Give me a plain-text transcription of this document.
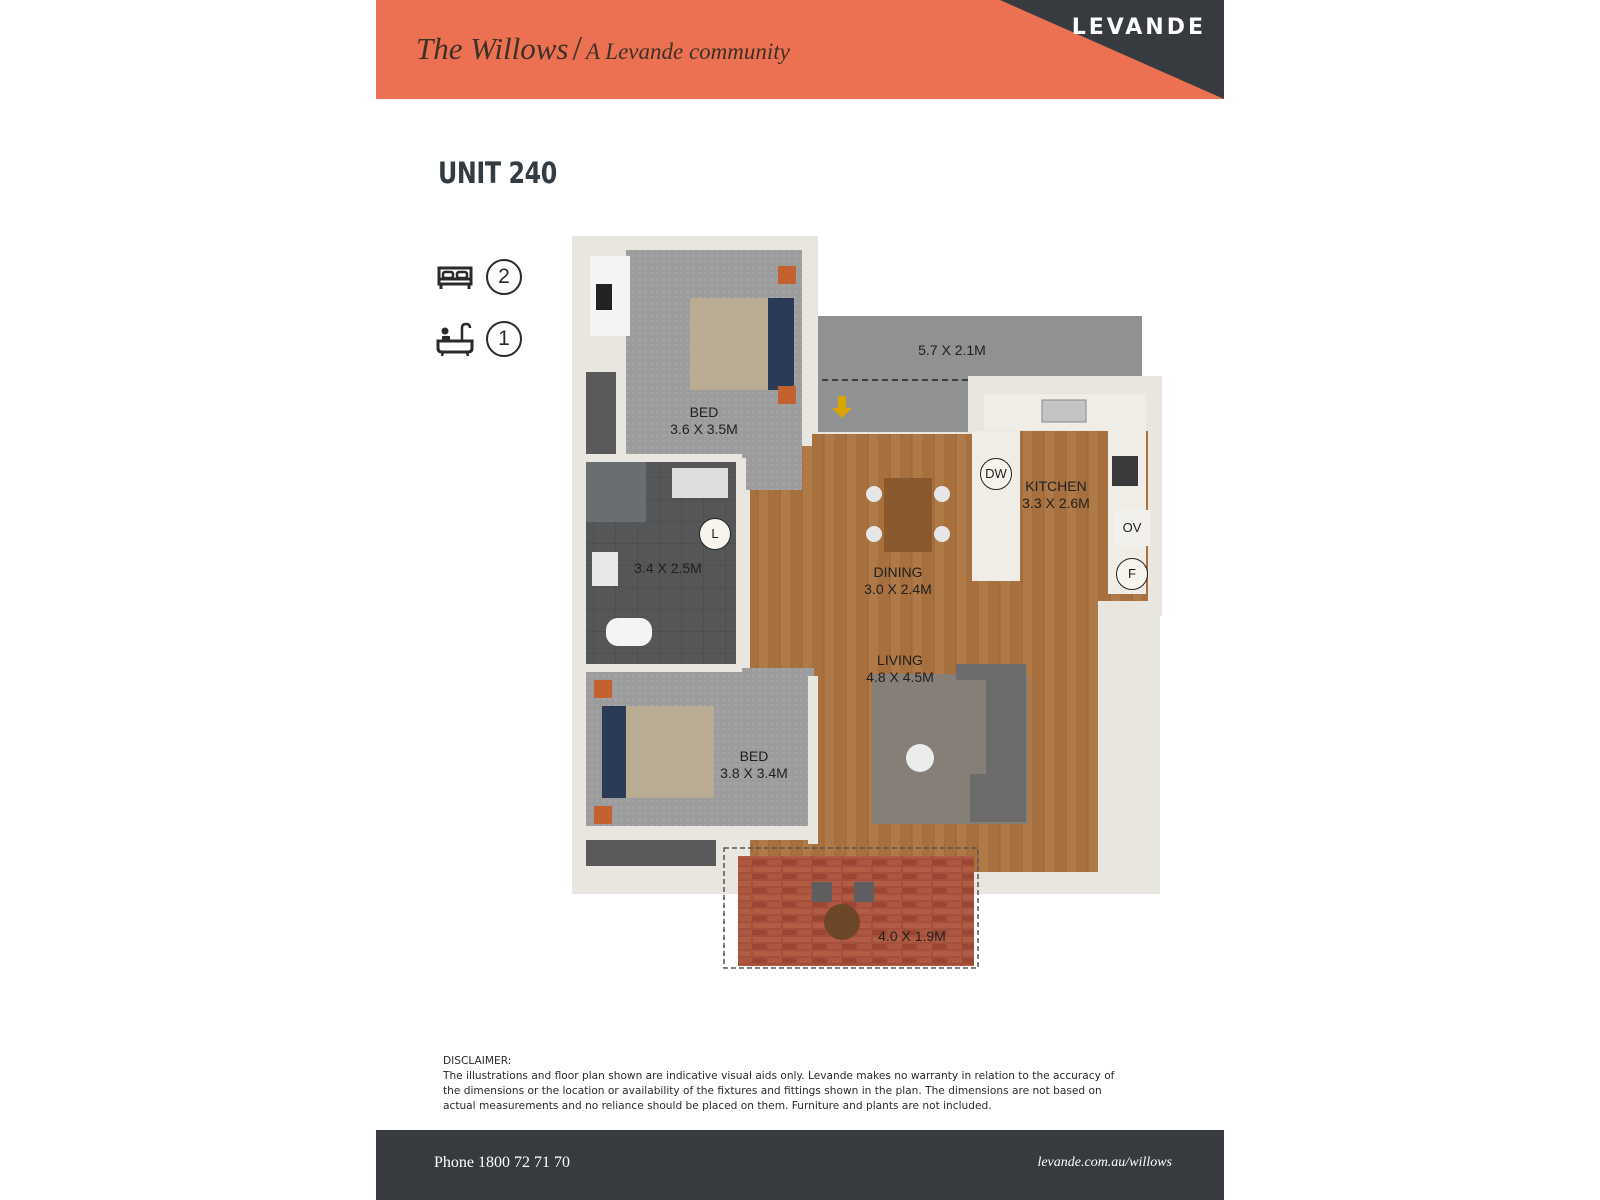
LEVANDE
The Willows / A Levande community
UNIT 240
2
1
BED
3.6 X 3.5M
3.4 X 2.5M
BED
3.8 X 3.4M
DINING
3.0 X 2.4M
LIVING
4.8 X 4.5M
KITCHEN
3.3 X 2.6M
5.7 X 2.1M
4.0 X 1.9M
L
DW
OV
F
DISCLAIMER:
The illustrations and floor plan shown are indicative visual aids only. Levande makes no warranty in relation to the accuracy of
the dimensions or the location or availability of the fixtures and fittings shown in the plan. The dimensions are not based on
actual measurements and no reliance should be placed on them. Furniture and plants are not included.
Phone 1800 72 71 70	levande.com.au/willows
